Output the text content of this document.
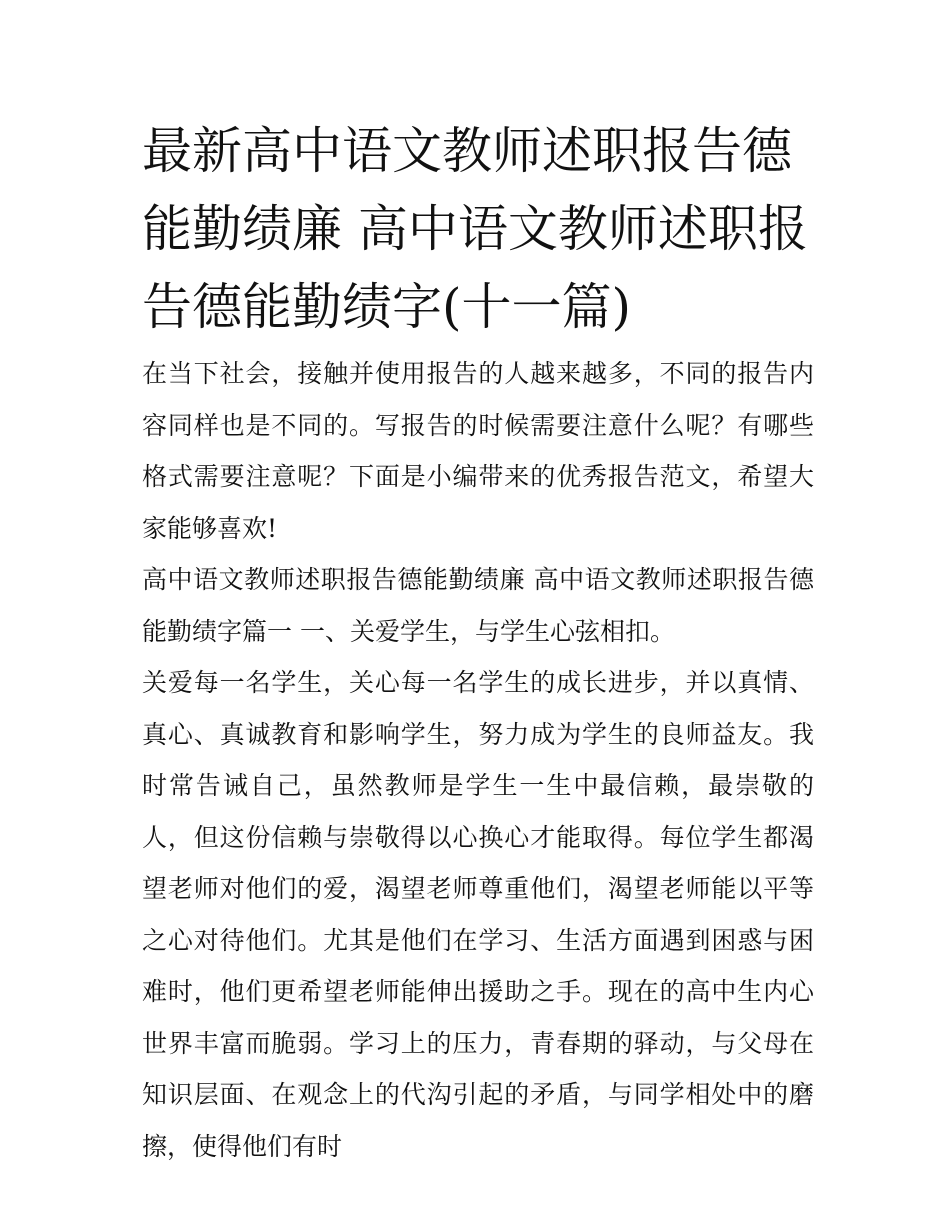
最新高中语文教师述职报告德能勤绩廉 高中语文教师述职报告德能勤绩字(十一篇)

在当下社会，接触并使用报告的人越来越多，不同的报告内容同样也是不同的。写报告的时候需要注意什么呢？有哪些格式需要注意呢？下面是小编带来的优秀报告范文，希望大家能够喜欢!

高中语文教师述职报告德能勤绩廉 高中语文教师述职报告德能勤绩字篇一 一、关爱学生，与学生心弦相扣。

关爱每一名学生，关心每一名学生的成长进步，并以真情、真心、真诚教育和影响学生，努力成为学生的良师益友。我时常告诫自己，虽然教师是学生一生中最信赖，最崇敬的人，但这份信赖与崇敬得以心换心才能取得。每位学生都渴望老师对他们的爱，渴望老师尊重他们，渴望老师能以平等之心对待他们。尤其是他们在学习、生活方面遇到困惑与困难时，他们更希望老师能伸出援助之手。现在的高中生内心世界丰富而脆弱。学习上的压力，青春期的驿动，与父母在知识层面、在观念上的代沟引起的矛盾，与同学相处中的磨擦，使得他们有时
